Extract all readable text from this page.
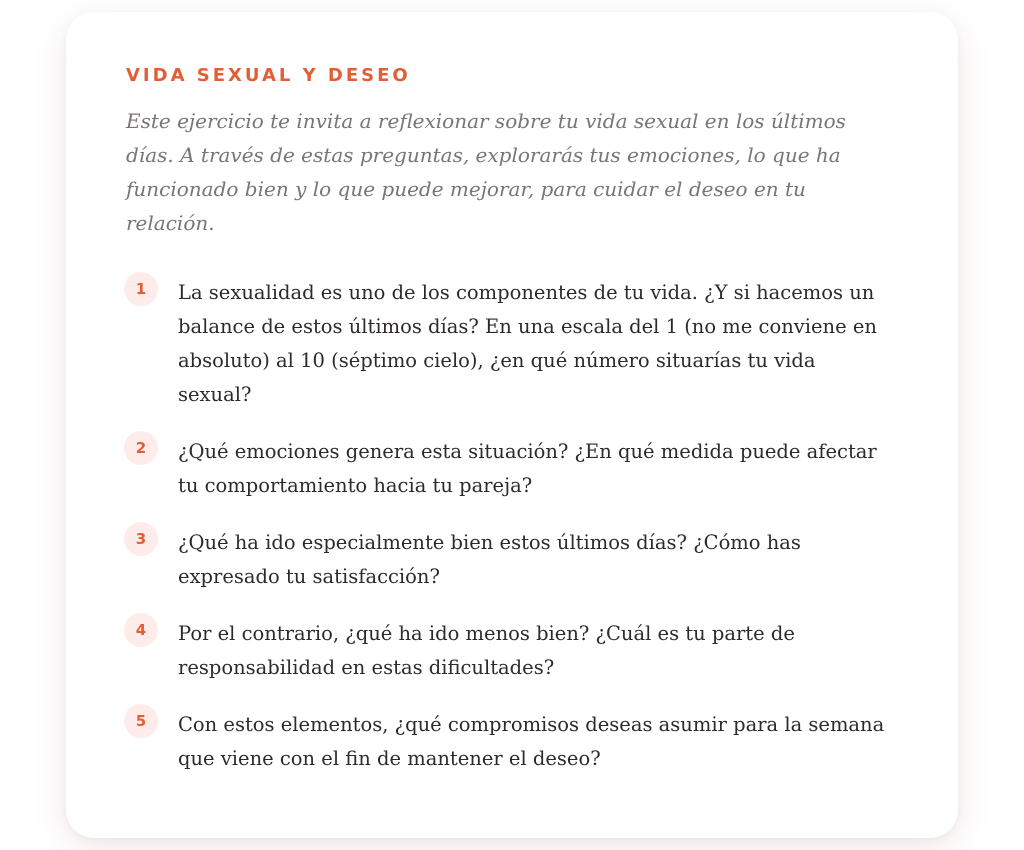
VIDA SEXUAL Y DESEO

Este ejercicio te invita a reflexionar sobre tu vida sexual en los últimos días. A través de estas preguntas, explorarás tus emociones, lo que ha funcionado bien y lo que puede mejorar, para cuidar el deseo en tu relación.

1	La sexualidad es uno de los componentes de tu vida. ¿Y si hacemos un balance de estos últimos días? En una escala del 1 (no me conviene en absoluto) al 10 (séptimo cielo), ¿en qué número situarías tu vida sexual?
2	¿Qué emociones genera esta situación? ¿En qué medida puede afectar tu comportamiento hacia tu pareja?
3	¿Qué ha ido especialmente bien estos últimos días? ¿Cómo has expresado tu satisfacción?
4	Por el contrario, ¿qué ha ido menos bien? ¿Cuál es tu parte de responsabilidad en estas dificultades?
5	Con estos elementos, ¿qué compromisos deseas asumir para la semana que viene con el fin de mantener el deseo?
